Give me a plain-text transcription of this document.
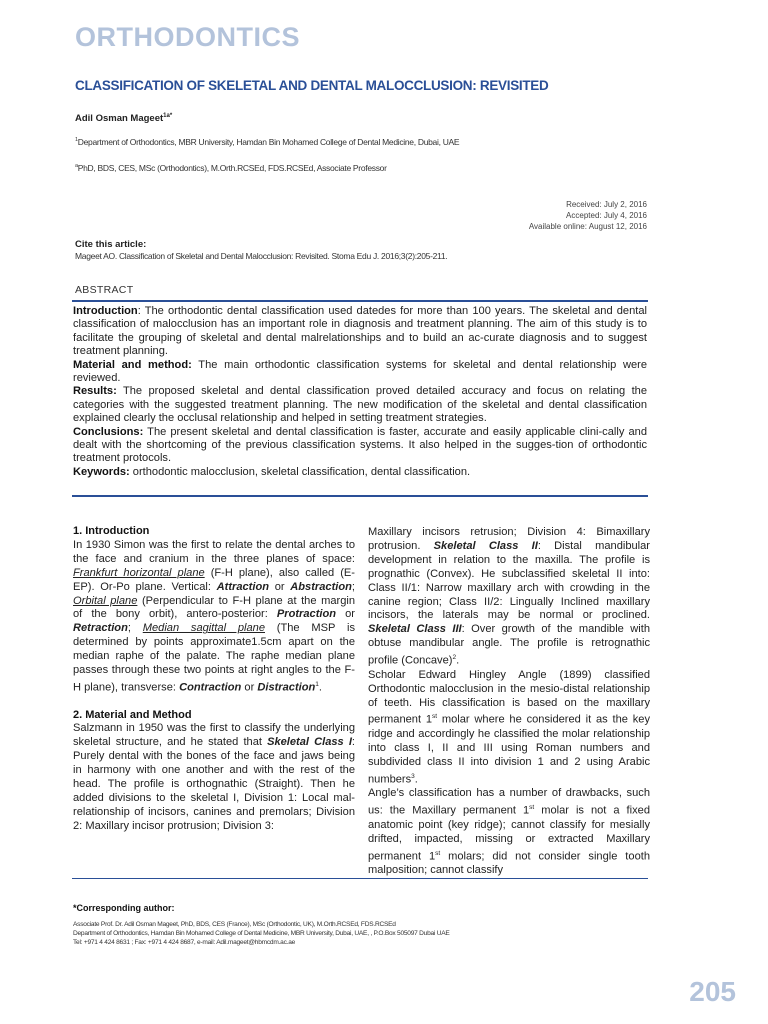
ORTHODONTICS
CLASSIFICATION OF SKELETAL AND DENTAL MALOCCLUSION: REVISITED
Adil Osman Mageet$^{1a*}$
$^1$Department of Orthodontics, MBR University, Hamdan Bin Mohamed College of Dental Medicine, Dubai, UAE
$^a$PhD, BDS, CES, MSc (Orthodontics), M.Orth.RCSEd, FDS.RCSEd, Associate Professor
Received: July 2, 2016
Accepted: July 4, 2016
Available online: August 12, 2016
Cite this article:
Mageet AO. Classification of Skeletal and Dental Malocclusion: Revisited. Stoma Edu J. 2016;3(2):205-211.
ABSTRACT

Introduction: The orthodontic dental classification used datedes for more than 100 years. The skeletal and dental classification of malocclusion has an important role in diagnosis and treatment planning. The aim of this study is to facilitate the grouping of skeletal and dental malrelationships and to build an ac-curate diagnosis and to suggest treatment planning.

Material and method: The main orthodontic classification systems for skeletal and dental relationship were reviewed.

Results: The proposed skeletal and dental classification proved detailed accuracy and focus on relating the categories with the suggested treatment planning. The new modification of the skeletal and dental classification explained clearly the occlusal relationship and helped in setting treatment strategies.

Conclusions: The present skeletal and dental classification is faster, accurate and easily applicable clini-cally and dealt with the shortcoming of the previous classification systems. It also helped in the sugges-tion of orthodontic treatment protocols.

Keywords: orthodontic malocclusion, skeletal classification, dental classification.

1. Introduction

In 1930 Simon was the first to relate the dental arches to the face and cranium in the three planes of space: Frankfurt horizontal plane (F-H plane), also called (E-EP). Or-Po plane. Vertical: Attraction or Abstraction; Orbital plane (Perpendicular to F-H plane at the margin of the bony orbit), antero-posterior: Protraction or Retraction; Median sagittal plane (The MSP is determined by points approximate1.5cm apart on the median raphe of the palate. The raphe median plane passes through these two points at right angles to the F-H plane), transverse: Contraction or Distraction$^1$.

2. Material and Method

Salzmann in 1950 was the first to classify the underlying skeletal structure, and he stated that Skeletal Class I: Purely dental with the bones of the face and jaws being in harmony with one another and with the rest of the head. The profile is orthognathic (Straight). Then he added divisions to the skeletal I, Division 1: Local mal-relationship of incisors, canines and premolars; Division 2: Maxillary incisor protrusion; Division 3:

Maxillary incisors retrusion; Division 4: Bimaxillary protrusion. Skeletal Class II: Distal mandibular development in relation to the maxilla. The profile is prognathic (Convex). He subclassified skeletal II into: Class II/1: Narrow maxillary arch with crowding in the canine region; Class II/2: Lingually Inclined maxillary incisors, the laterals may be normal or proclined. Skeletal Class III: Over growth of the mandible with obtuse mandibular angle. The profile is retrognathic profile (Concave)$^2$.

Scholar Edward Hingley Angle (1899) classified Orthodontic malocclusion in the mesio-distal relationship of teeth. His classification is based on the maxillary permanent 1st molar where he considered it as the key ridge and accordingly he classified the molar relationship into class I, II and III using Roman numbers and subdivided class II into division 1 and 2 using Arabic numbers$^3$.

Angle’s classification has a number of drawbacks, such us: the Maxillary permanent 1st molar is not a fixed anatomic point (key ridge); cannot classify for mesially drifted, impacted, missing or extracted Maxillary permanent 1st molars; did not consider single tooth malposition; cannot classify

*Corresponding author:
Associate Prof. Dr. Adil Osman Mageet, PhD, BDS, CES (France), MSc (Orthodontic, UK), M.Orth.RCSEd, FDS.RCSEd
Department of Orthodontics, Hamdan Bin Mohamed College of Dental Medicine, MBR University, Dubai, UAE, , P.O.Box 505097 Dubai UAE
Tel: +971 4 424 8631 ; Fax: +971 4 424 8687, e-mail: Adil.mageet@hbmcdm.ac.ae
205
